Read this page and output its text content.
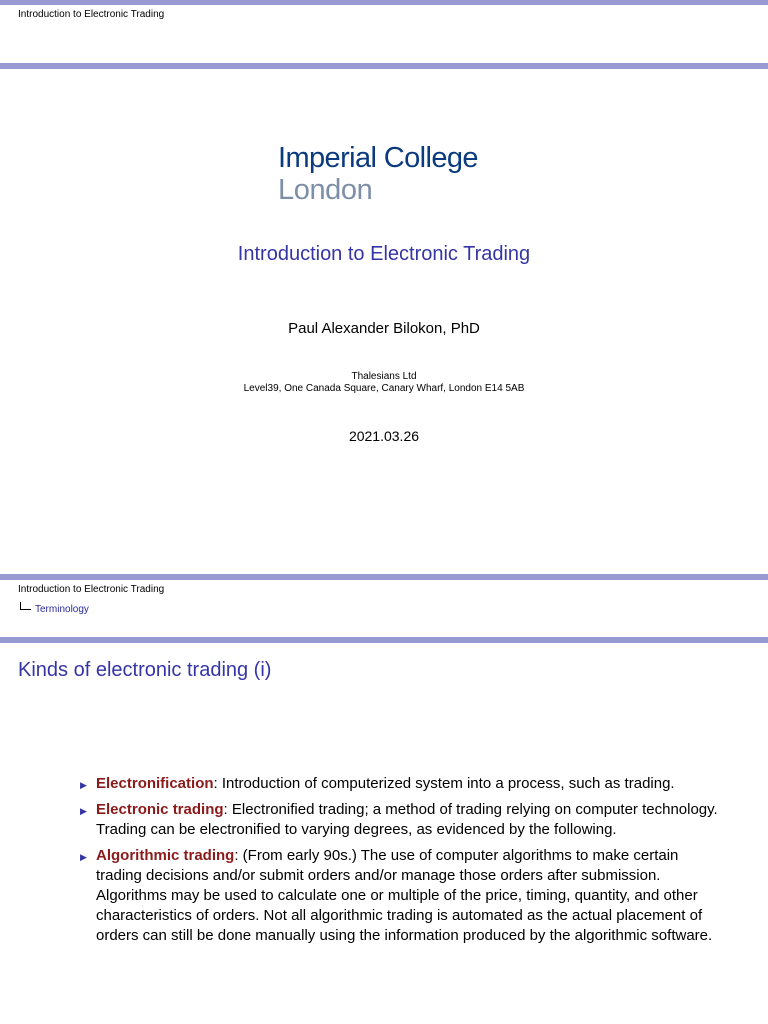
Introduction to Electronic Trading
Imperial College
London
Introduction to Electronic Trading
Paul Alexander Bilokon, PhD
Thalesians Ltd
Level39, One Canada Square, Canary Wharf, London E14 5AB
2021.03.26
Introduction to Electronic Trading
Terminology
Kinds of electronic trading (i)
▶ Electronification: Introduction of computerized system into a process, such as trading.
▶ Electronic trading: Electronified trading; a method of trading relying on computer technology. Trading can be electronified to varying degrees, as evidenced by the following.
▶ Algorithmic trading: (From early 90s.) The use of computer algorithms to make certain trading decisions and/or submit orders and/or manage those orders after submission. Algorithms may be used to calculate one or multiple of the price, timing, quantity, and other characteristics of orders. Not all algorithmic trading is automated as the actual placement of orders can still be done manually using the information produced by the algorithmic software.
